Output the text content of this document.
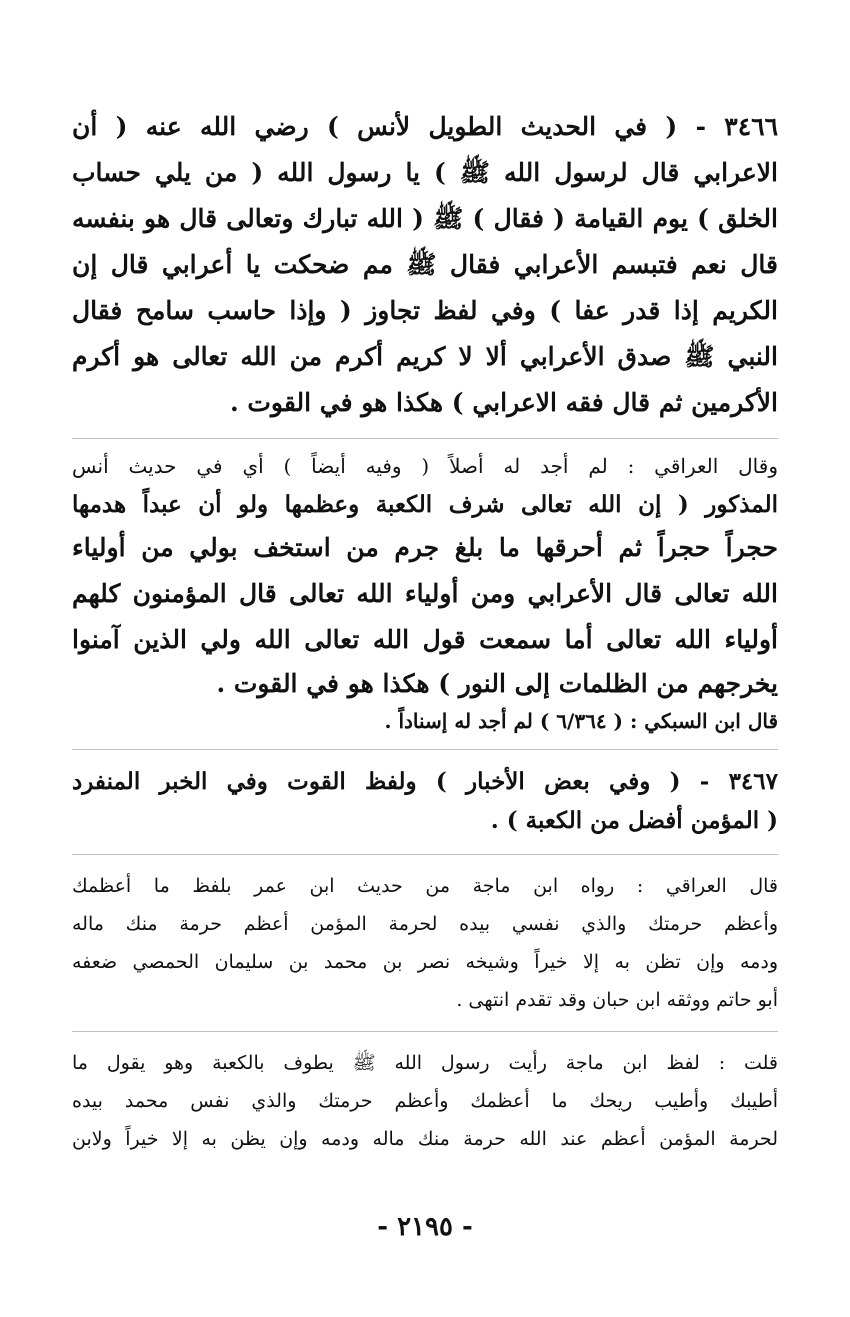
٣٤٦٦ - ( في الحديث الطويل لأنس ) رضي الله عنه ( أن
الاعرابي قال لرسول الله ﷺ ) يا رسول الله ( من يلي حساب
الخلق ) يوم القيامة ( فقال ) ﷺ ( الله تبارك وتعالى قال هو بنفسه
قال نعم فتبسم الأعرابي فقال ﷺ مم ضحكت يا أعرابي قال إن
الكريم إذا قدر عفا ) وفي لفظ تجاوز ( وإذا حاسب سامح فقال
النبي ﷺ صدق الأعرابي ألا لا كريم أكرم من الله تعالى هو أكرم
الأكرمين ثم قال فقه الاعرابي ) هكذا هو في القوت .
وقال العراقي : لم أجد له أصلاً ( وفيه أيضاً ) أي في حديث أنس
المذكور ( إن الله تعالى شرف الكعبة وعظمها ولو أن عبداً هدمها
حجراً حجراً ثم أحرقها ما بلغ جرم من استخف بولي من أولياء
الله تعالى قال الأعرابي ومن أولياء الله تعالى قال المؤمنون كلهم
أولياء الله تعالى أما سمعت قول الله تعالى الله ولي الذين آمنوا
يخرجهم من الظلمات إلى النور ) هكذا هو في القوت .
قال ابن السبكي : ( ٦/٣٦٤ ) لم أجد له إسناداً .
٣٤٦٧ - ( وفي بعض الأخبار ) ولفظ القوت وفي الخبر المنفرد
( المؤمن أفضل من الكعبة ) .
قال العراقي : رواه ابن ماجة من حديث ابن عمر بلفظ ما أعظمك
وأعظم حرمتك والذي نفسي بيده لحرمة المؤمن أعظم حرمة منك ماله
ودمه وإن تظن به إلا خيراً وشيخه نصر بن محمد بن سليمان الحمصي ضعفه
أبو حاتم ووثقه ابن حبان وقد تقدم انتهى .
قلت : لفظ ابن ماجة رأيت رسول الله ﷺ يطوف بالكعبة وهو يقول ما
أطيبك وأطيب ريحك ما أعظمك وأعظم حرمتك والذي نفس محمد بيده
لحرمة المؤمن أعظم عند الله حرمة منك ماله ودمه وإن يظن به إلا خيراً ولابن
- ٢١٩٥ -
